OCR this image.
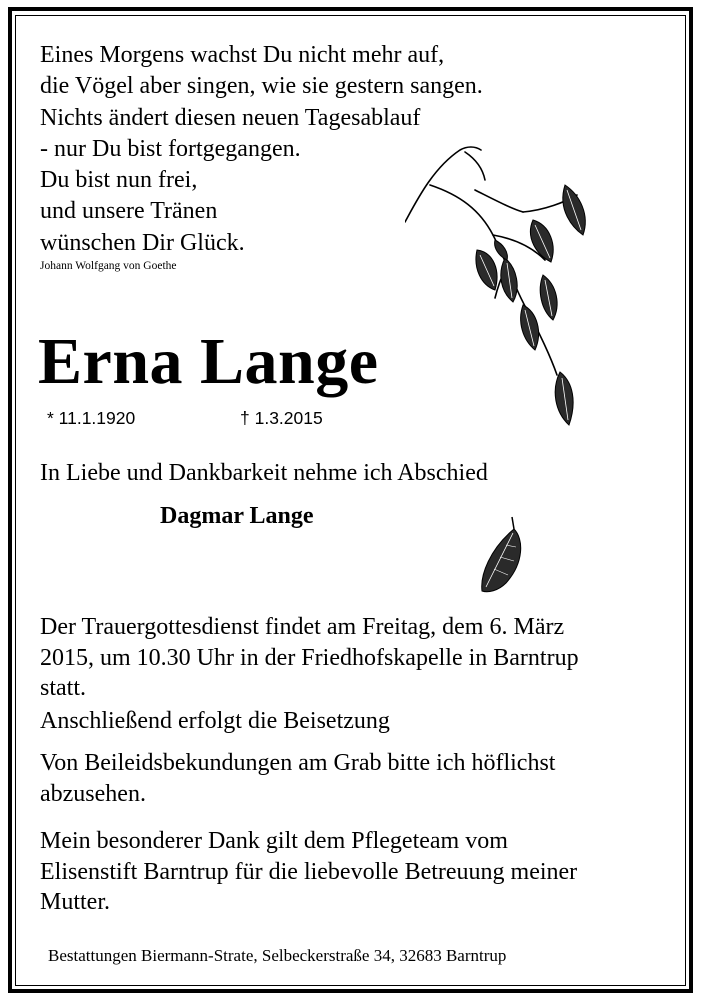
Eines Morgens wachst Du nicht mehr auf,
die Vögel aber singen, wie sie gestern sangen.
Nichts ändert diesen neuen Tagesablauf
- nur Du bist fortgegangen.
Du bist nun frei,
und unsere Tränen
wünschen Dir Glück.
Johann Wolfgang von Goethe
Erna Lange
* 11.1.1920	† 1.3.2015
In Liebe und Dankbarkeit nehme ich Abschied
Dagmar Lange
Der Trauergottesdienst findet am Freitag, dem 6. März
2015, um 10.30 Uhr in der Friedhofskapelle in Barntrup
statt.
Anschließend erfolgt die Beisetzung
Von Beileidsbekundungen am Grab bitte ich höflichst
abzusehen.
Mein besonderer Dank gilt dem Pflegeteam vom
Elisenstift Barntrup für die liebevolle Betreuung meiner
Mutter.
Bestattungen Biermann-Strate, Selbeckerstraße 34, 32683 Barntrup
